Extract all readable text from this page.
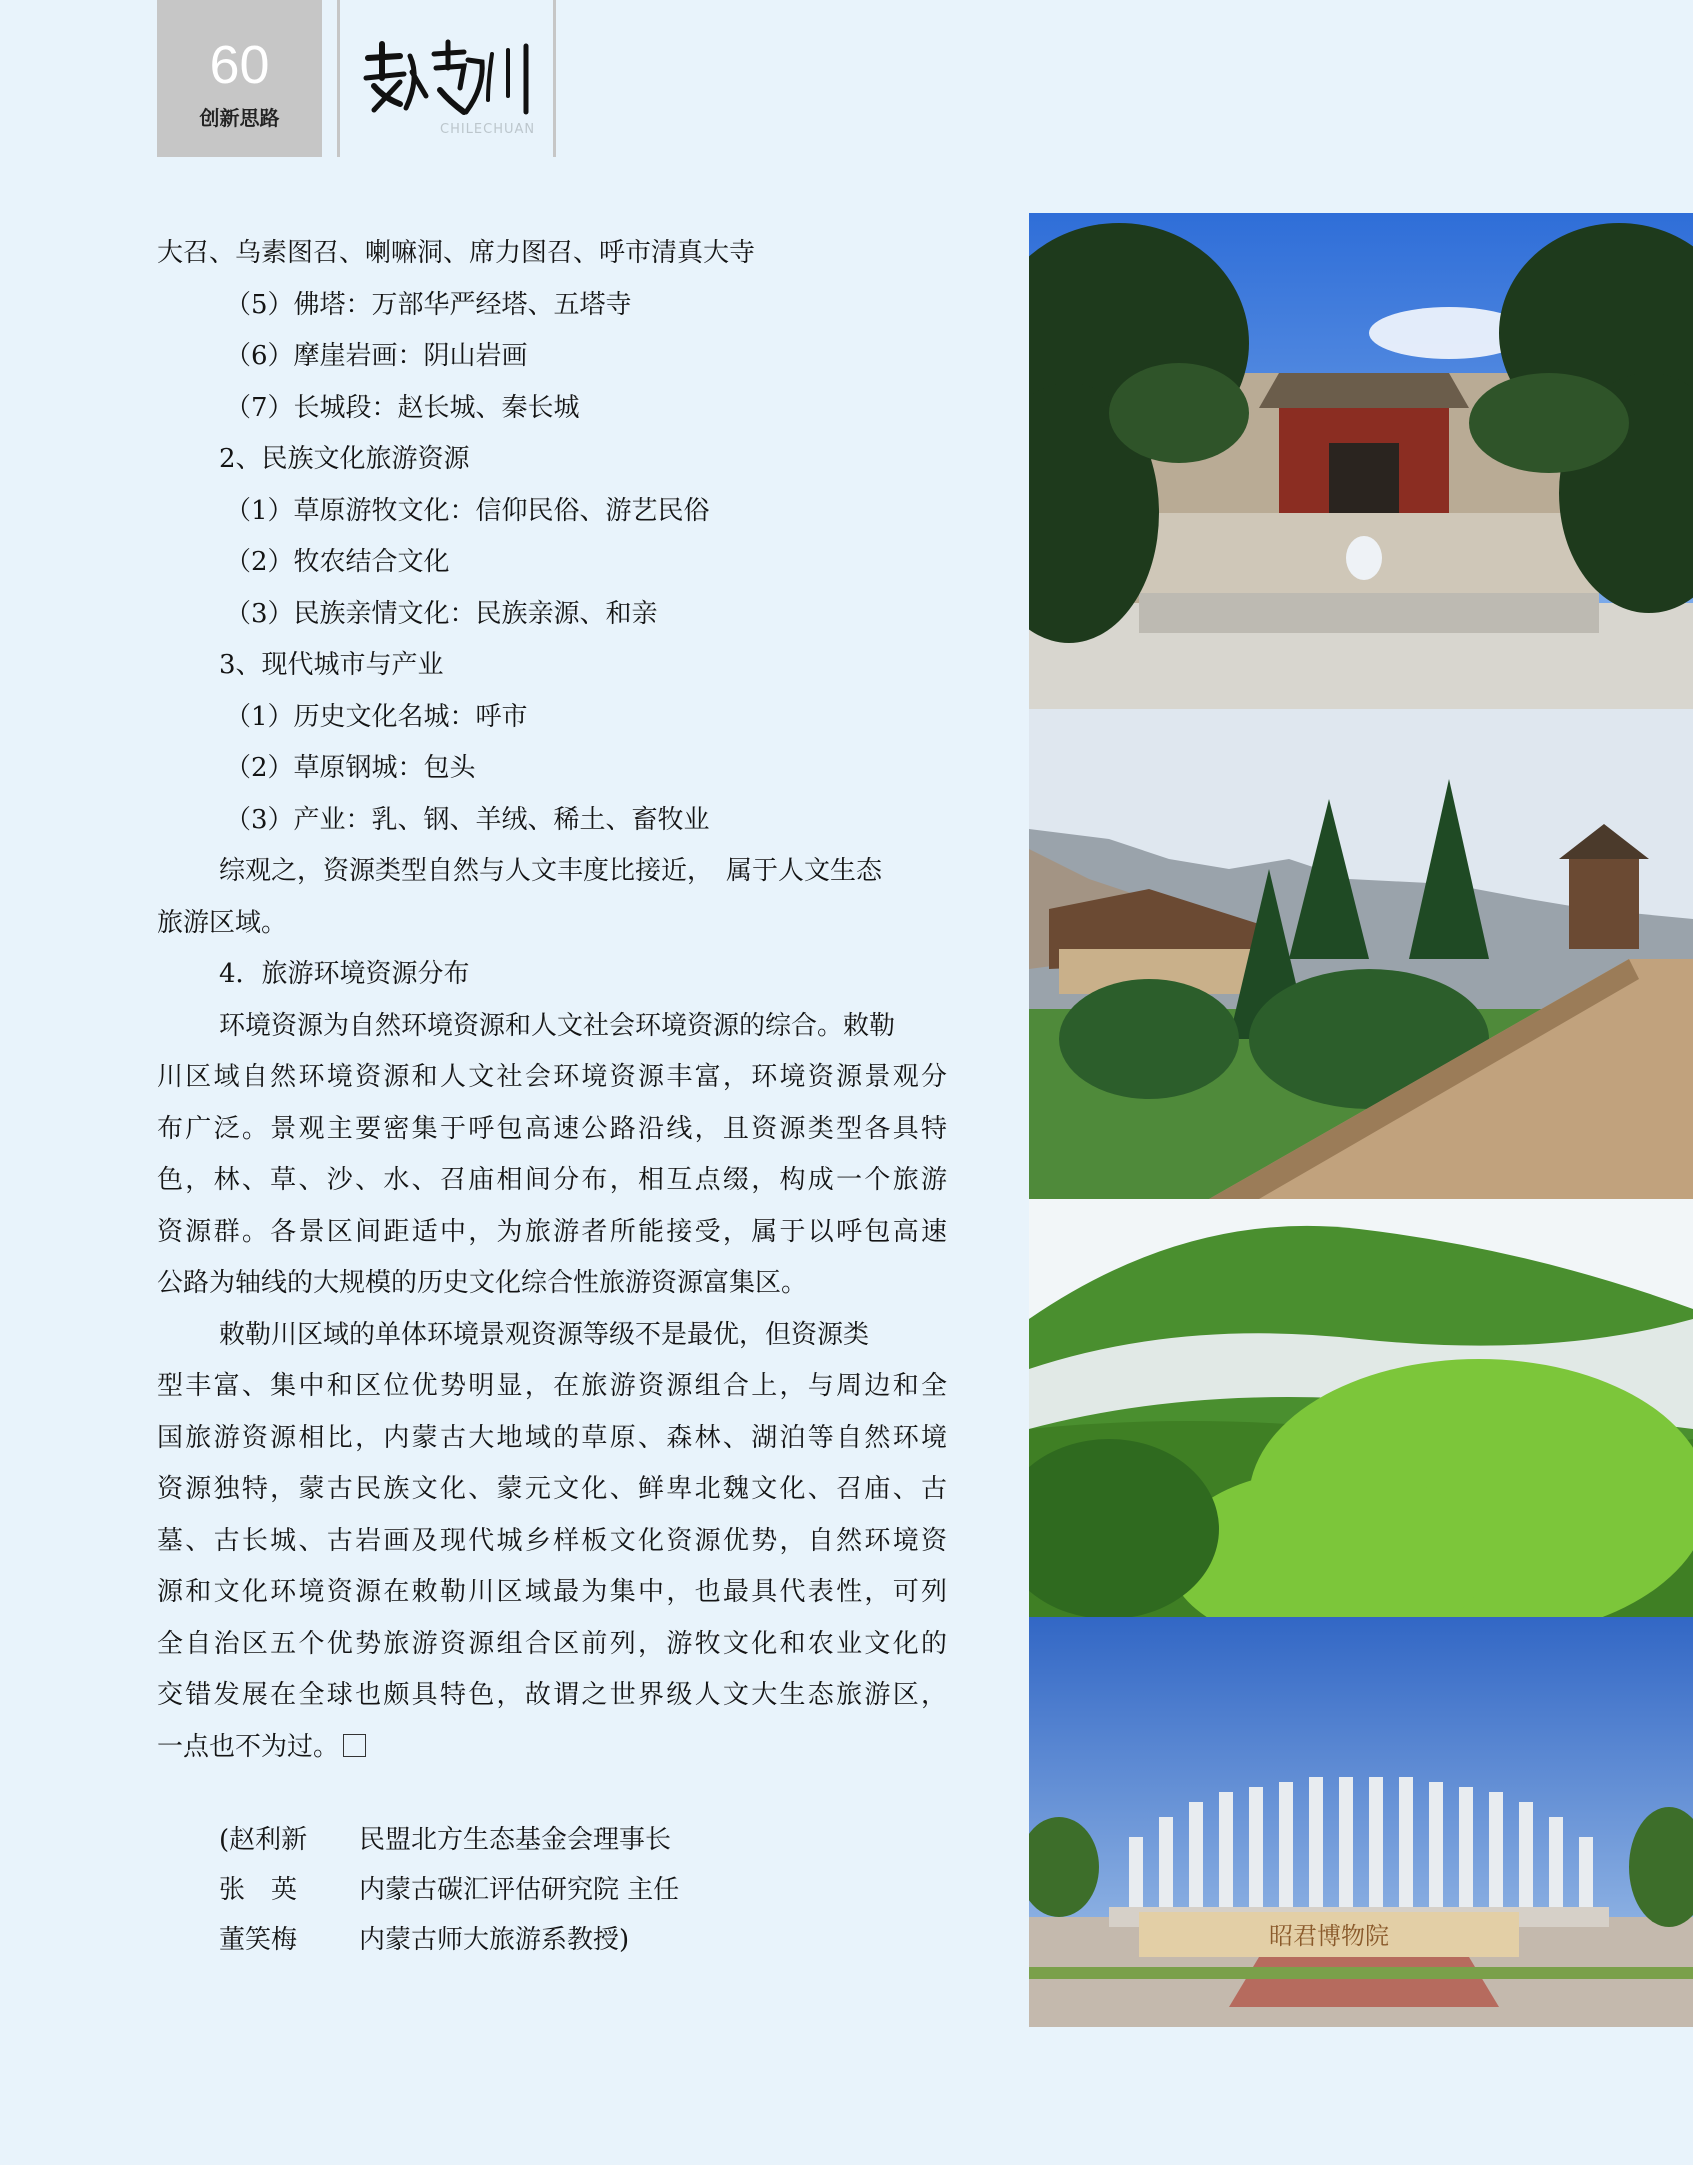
60
创新思路	CHILECHUAN
大召、乌素图召、喇嘛洞、席力图召、呼市清真大寺
（5）佛塔：万部华严经塔、五塔寺
（6）摩崖岩画：阴山岩画
（7）长城段：赵长城、秦长城
2、民族文化旅游资源
（1）草原游牧文化：信仰民俗、游艺民俗
（2）牧农结合文化
（3）民族亲情文化：民族亲源、和亲
3、现代城市与产业
（1）历史文化名城：呼市
（2）草原钢城：包头
（3）产业：乳、钢、羊绒、稀土、畜牧业
综观之，资源类型自然与人文丰度比接近，　属于人文生态
旅游区域。
4．旅游环境资源分布
环境资源为自然环境资源和人文社会环境资源的综合。敕勒
川区域自然环境资源和人文社会环境资源丰富，环境资源景观分
布广泛。景观主要密集于呼包高速公路沿线，且资源类型各具特
色，林、草、沙、水、召庙相间分布，相互点缀，构成一个旅游
资源群。各景区间距适中，为旅游者所能接受，属于以呼包高速
公路为轴线的大规模的历史文化综合性旅游资源富集区。
敕勒川区域的单体环境景观资源等级不是最优，但资源类
型丰富、集中和区位优势明显，在旅游资源组合上，与周边和全
国旅游资源相比，内蒙古大地域的草原、森林、湖泊等自然环境
资源独特，蒙古民族文化、蒙元文化、鲜卑北魏文化、召庙、古
墓、古长城、古岩画及现代城乡样板文化资源优势，自然环境资
源和文化环境资源在敕勒川区域最为集中，也最具代表性，可列
全自治区五个优势旅游资源组合区前列，游牧文化和农业文化的
交错发展在全球也颇具特色，故谓之世界级人文大生态旅游区，
一点也不为过。
(赵利新 民盟北方生态基金会理事长
张　英 内蒙古碳汇评估研究院 主任
董笑梅 内蒙古师大旅游系教授)	昭君博物院
